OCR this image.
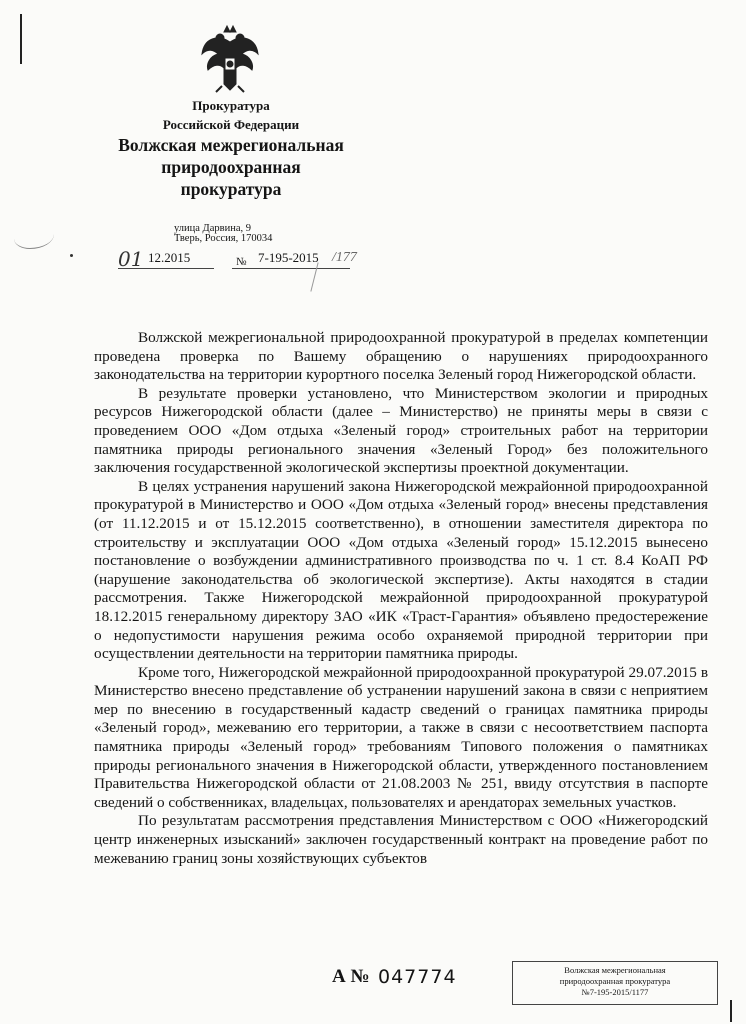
Прокуратура
Российской Федерации
Волжская межрегиональная
природоохранная
прокуратура
улица Дарвина, 9
Тверь, Россия, 170034
01 12.2015	№ 7-195-2015 /177

Волжской межрегиональной природоохранной прокуратурой в пределах компетенции проведена проверка по Вашему обращению о нарушениях природоохранного законодательства на территории курортного поселка Зеленый город Нижегородской области.

В результате проверки установлено, что Министерством экологии и природных ресурсов Нижегородской области (далее – Министерство) не приняты меры в связи с проведением ООО «Дом отдыха «Зеленый город» строительных работ на территории памятника природы регионального значения «Зеленый Город» без положительного заключения государственной экологической экспертизы проектной документации.

В целях устранения нарушений закона Нижегородской межрайонной природоохранной прокуратурой в Министерство и ООО «Дом отдыха «Зеленый город» внесены представления (от 11.12.2015 и от 15.12.2015 соответственно), в отношении заместителя директора по строительству и эксплуатации ООО «Дом отдыха «Зеленый город» 15.12.2015 вынесено постановление о возбуждении административного производства по ч. 1 ст. 8.4 КоАП РФ (нарушение законодательства об экологической экспертизе). Акты находятся в стадии рассмотрения. Также Нижегородской межрайонной природоохранной прокуратурой 18.12.2015 генеральному директору ЗАО «ИК «Траст-Гарантия» объявлено предостережение о недопустимости нарушения режима особо охраняемой природной территории при осуществлении деятельности на территории памятника природы.

Кроме того, Нижегородской межрайонной природоохранной прокуратурой 29.07.2015 в Министерство внесено представление об устранении нарушений закона в связи с неприятием мер по внесению в государственный кадастр сведений о границах памятника природы «Зеленый город», межеванию его территории, а также в связи с несоответствием паспорта памятника природы «Зеленый город» требованиям Типового положения о памятниках природы регионального значения в Нижегородской области, утвержденного постановлением Правительства Нижегородской области от 21.08.2003 № 251, ввиду отсутствия в паспорте сведений о собственниках, владельцах, пользователях и арендаторах земельных участков.

По результатам рассмотрения представления Министерством с ООО «Нижегородский центр инженерных изысканий» заключен государственный контракт на проведение работ по межеванию границ зоны хозяйствующих субъектов

А № 047774	Волжская межрегиональная
природоохранная прокуратура
№7-195-2015/1177
